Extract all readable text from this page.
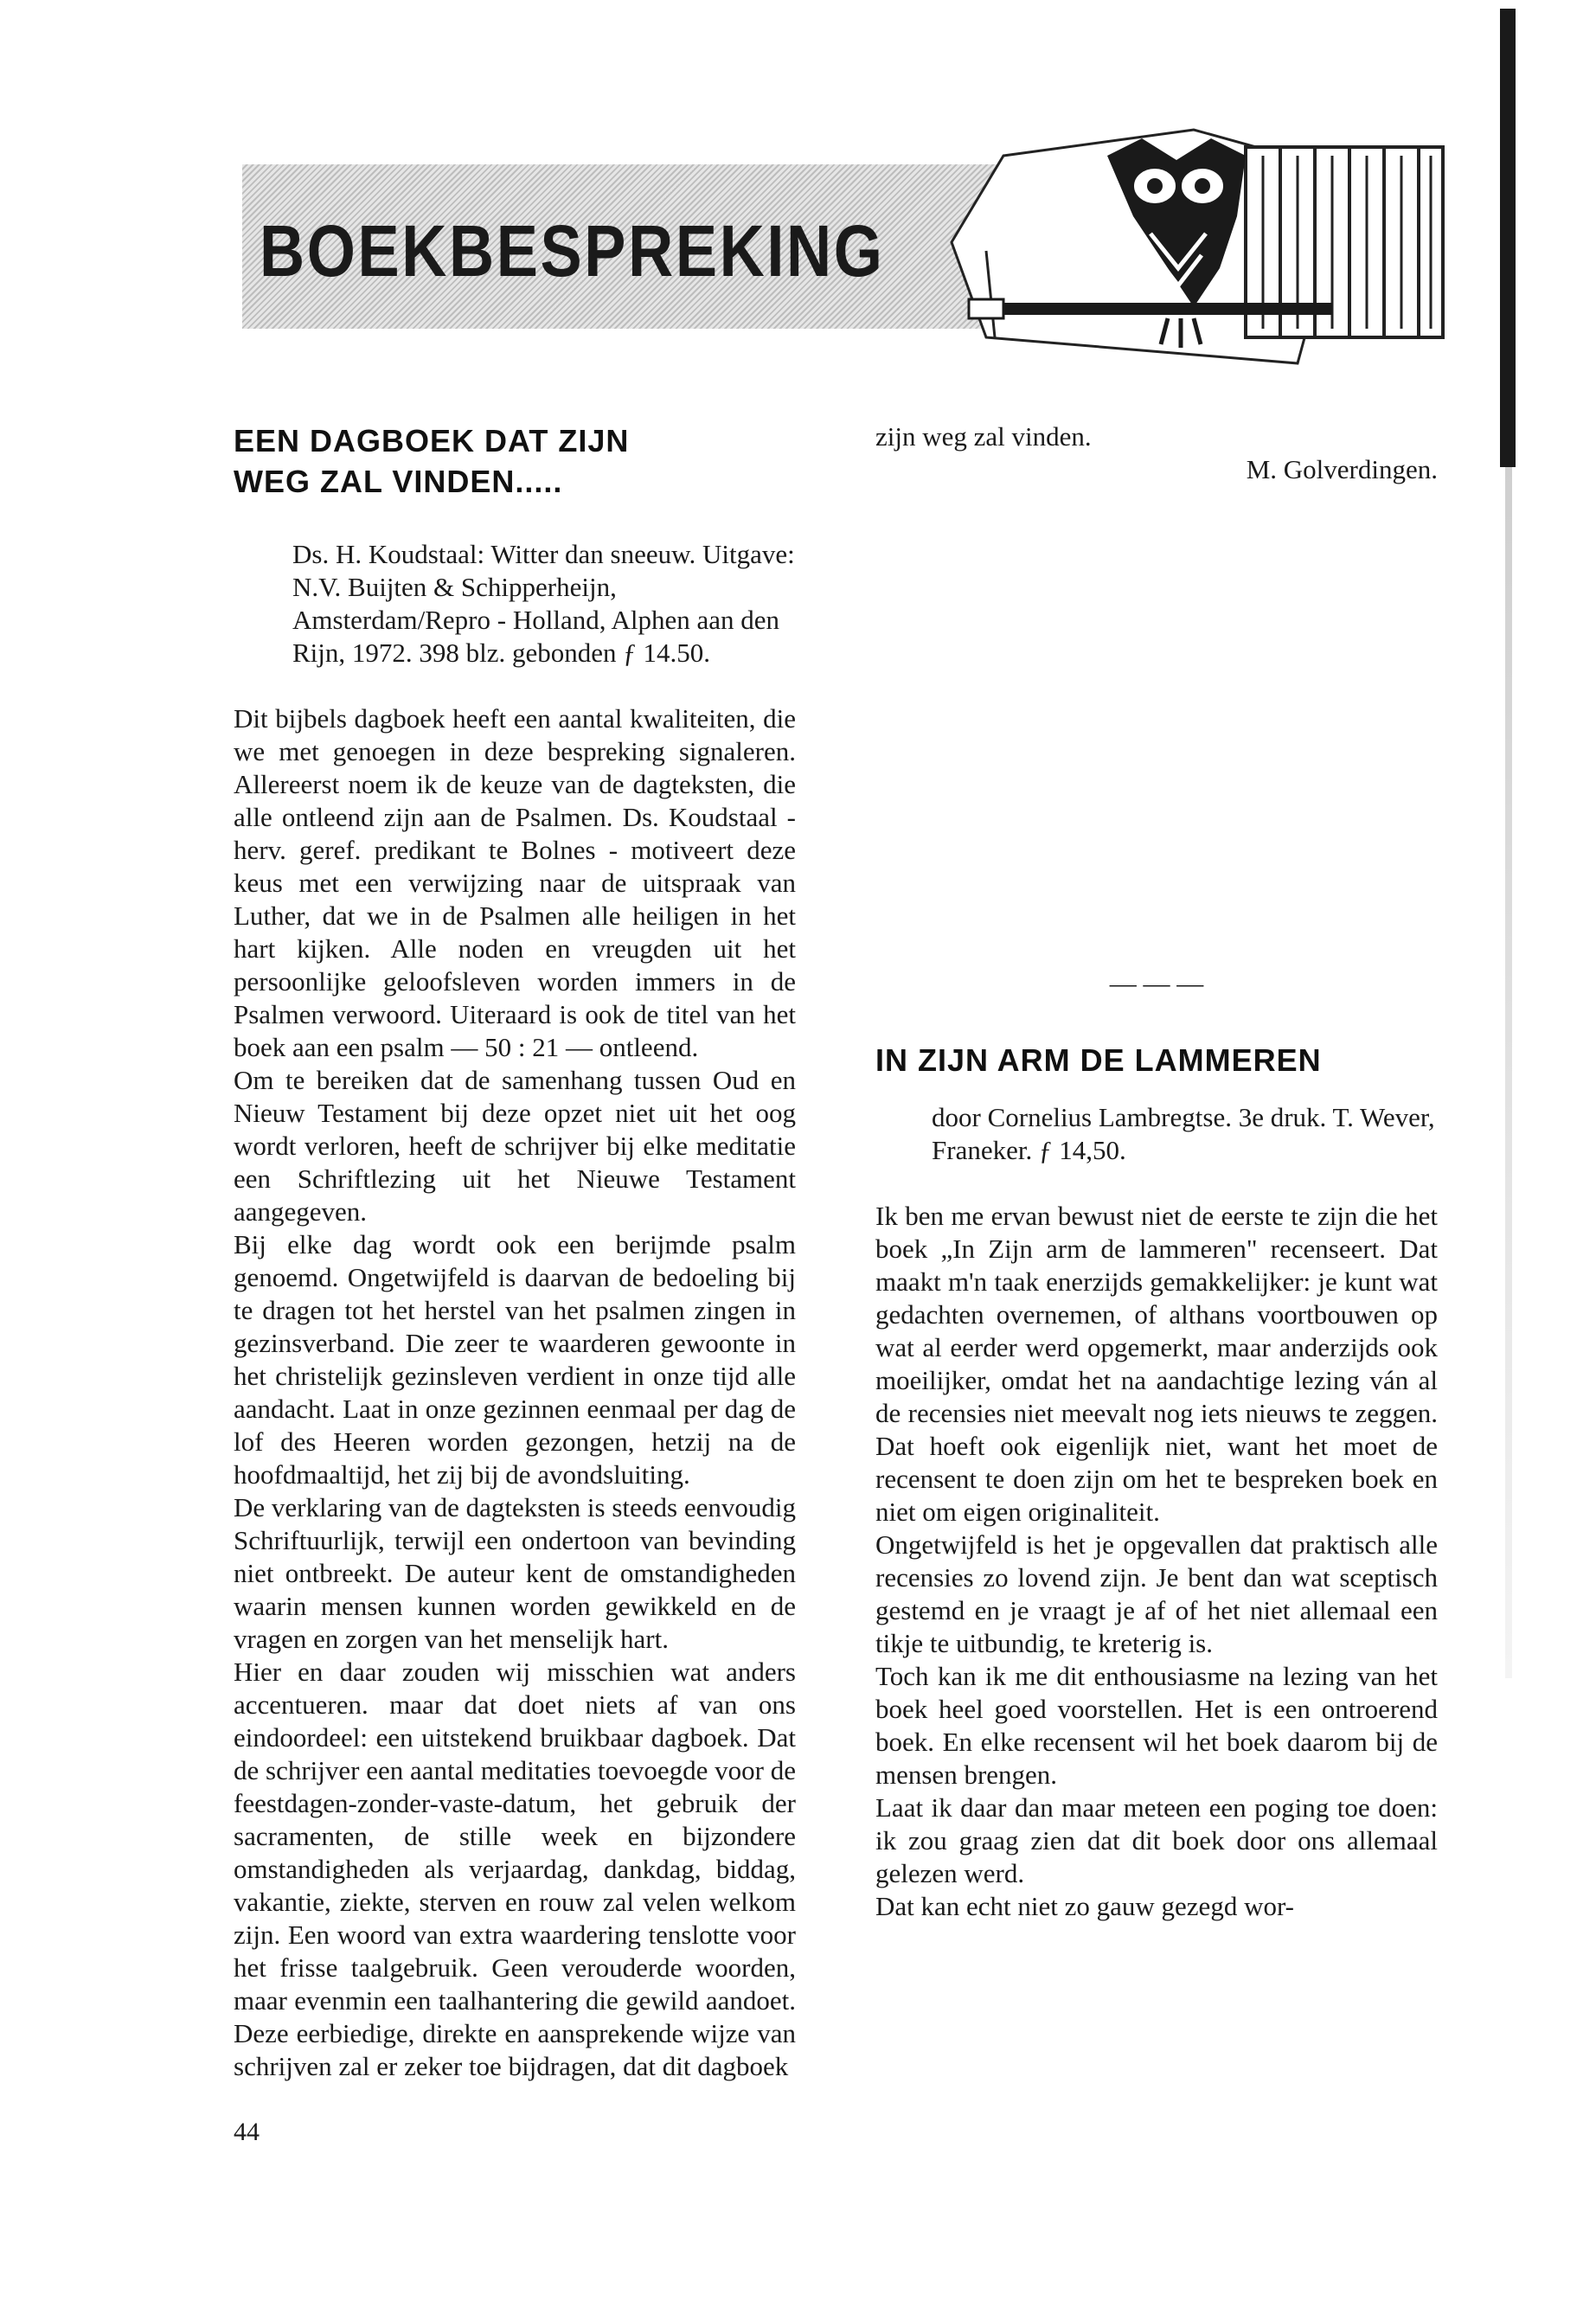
BOEKBESPREKING
EEN DAGBOEK DAT ZIJN
WEG ZAL VINDEN.....

Ds. H. Koudstaal: Witter dan sneeuw. Uitgave: N.V. Buijten & Schipperheijn, Amsterdam/Repro - Holland, Alphen aan den Rijn, 1972. 398 blz. gebonden ƒ 14.50.

Dit bijbels dagboek heeft een aantal kwaliteiten, die we met genoegen in deze bespreking signaleren. Allereerst noem ik de keuze van de dagteksten, die alle ontleend zijn aan de Psalmen. Ds. Koudstaal - herv. geref. predikant te Bolnes - motiveert deze keus met een verwijzing naar de uitspraak van Luther, dat we in de Psalmen alle heiligen in het hart kijken. Alle noden en vreugden uit het persoonlijke geloofsleven worden immers in de Psalmen verwoord. Uiteraard is ook de titel van het boek aan een psalm — 50 : 21 — ontleend.

Om te bereiken dat de samenhang tussen Oud en Nieuw Testament bij deze opzet niet uit het oog wordt verloren, heeft de schrijver bij elke meditatie een Schriftlezing uit het Nieuwe Testament aangegeven.

Bij elke dag wordt ook een berijmde psalm genoemd. Ongetwijfeld is daarvan de bedoeling bij te dragen tot het herstel van het psalmen zingen in gezinsverband. Die zeer te waarderen gewoonte in het christelijk gezinsleven verdient in onze tijd alle aandacht. Laat in onze gezinnen eenmaal per dag de lof des Heeren worden gezongen, hetzij na de hoofdmaaltijd, het zij bij de avondsluiting.

De verklaring van de dagteksten is steeds eenvoudig Schriftuurlijk, terwijl een ondertoon van bevinding niet ontbreekt. De auteur kent de omstandigheden waarin mensen kunnen worden gewikkeld en de vragen en zorgen van het menselijk hart.

Hier en daar zouden wij misschien wat anders accentueren. maar dat doet niets af van ons eindoordeel: een uitstekend bruikbaar dagboek. Dat de schrijver een aantal meditaties toevoegde voor de feestdagen-zonder-vaste-datum, het gebruik der sacramenten, de stille week en bijzondere omstandigheden als verjaardag, dankdag, biddag, vakantie, ziekte, sterven en rouw zal velen welkom zijn. Een woord van extra waardering tenslotte voor het frisse taalgebruik. Geen verouderde woorden, maar evenmin een taalhantering die gewild aandoet. Deze eerbiedige, direkte en aansprekende wijze van schrijven zal er zeker toe bijdragen, dat dit dagboek

— — —

IN ZIJN ARM DE LAMMEREN

door Cornelius Lambregtse. 3e druk. T. Wever, Franeker. ƒ 14,50.

Ik ben me ervan bewust niet de eerste te zijn die het boek „In Zijn arm de lammeren" recenseert. Dat maakt m'n taak enerzijds gemakkelijker: je kunt wat gedachten overnemen, of althans voortbouwen op wat al eerder werd opgemerkt, maar anderzijds ook moeilijker, omdat het na aandachtige lezing ván al de recensies niet meevalt nog iets nieuws te zeggen. Dat hoeft ook eigenlijk niet, want het moet de recensent te doen zijn om het te bespreken boek en niet om eigen originaliteit.

Ongetwijfeld is het je opgevallen dat praktisch alle recensies zo lovend zijn. Je bent dan wat sceptisch gestemd en je vraagt je af of het niet allemaal een tikje te uitbundig, te kreterig is.

Toch kan ik me dit enthousiasme na lezing van het boek heel goed voorstellen. Het is een ontroerend boek. En elke recensent wil het boek daarom bij de mensen brengen.

Laat ik daar dan maar meteen een poging toe doen: ik zou graag zien dat dit boek door ons allemaal gelezen werd.

Dat kan echt niet zo gauw gezegd wor-

44

zijn weg zal vinden.

M. Golverdingen.
